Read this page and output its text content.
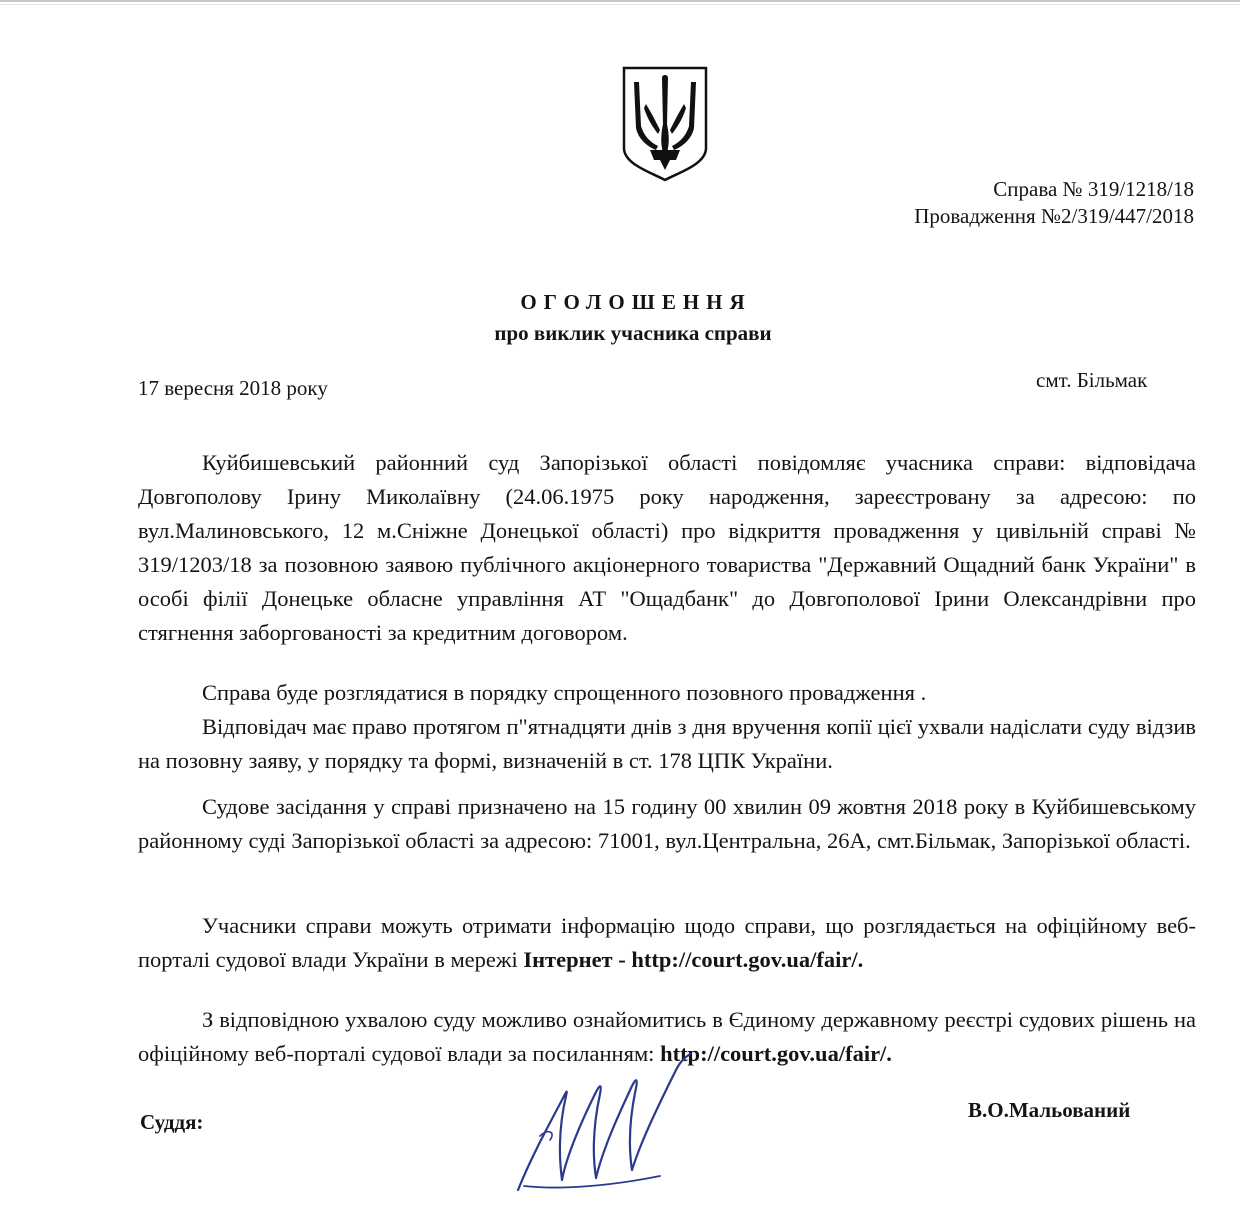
Справа № 319/1218/18
Провадження №2/319/447/2018
ОГОЛОШЕННЯ
про виклик учасника справи
17 вересня 2018 року	смт. Більмак

Куйбишевський районний суд Запорізької області повідомляє учасника справи: відповідача Довгополову Ірину Миколаївну (24.06.1975 року народження, зареєстровану за адресою: по вул.Малиновського, 12 м.Сніжне Донецької області) про відкриття провадження у цивільній справі № 319/1203/18 за позовною заявою публічного акціонерного товариства "Державний Ощадний банк України" в особі філії Донецьке обласне управління АТ "Ощадбанк" до Довгополової Ірини Олександрівни про стягнення заборгованості за кредитним договором.

Справа буде розглядатися в порядку спрощенного позовного провадження .

Відповідач має право протягом п"ятнадцяти днів з дня вручення копії цієї ухвали надіслати суду відзив на позовну заяву, у порядку та формі, визначеній в ст. 178 ЦПК України.

Судове засідання у справі призначено на 15 годину 00 хвилин 09 жовтня 2018 року в Куйбишевському районному суді Запорізької області за адресою: 71001, вул.Центральна, 26А, смт.Більмак, Запорізької області.

Учасники справи можуть отримати інформацію щодо справи, що розглядається на офіційному веб-порталі судової влади України в мережі Інтернет - http://court.gov.ua/fair/.

З відповідною ухвалою суду можливо ознайомитись в Єдиному державному реєстрі судових рішень на офіційному веб-порталі судової влади за посиланням: http://court.gov.ua/fair/.

Суддя:	В.О.Мальований
